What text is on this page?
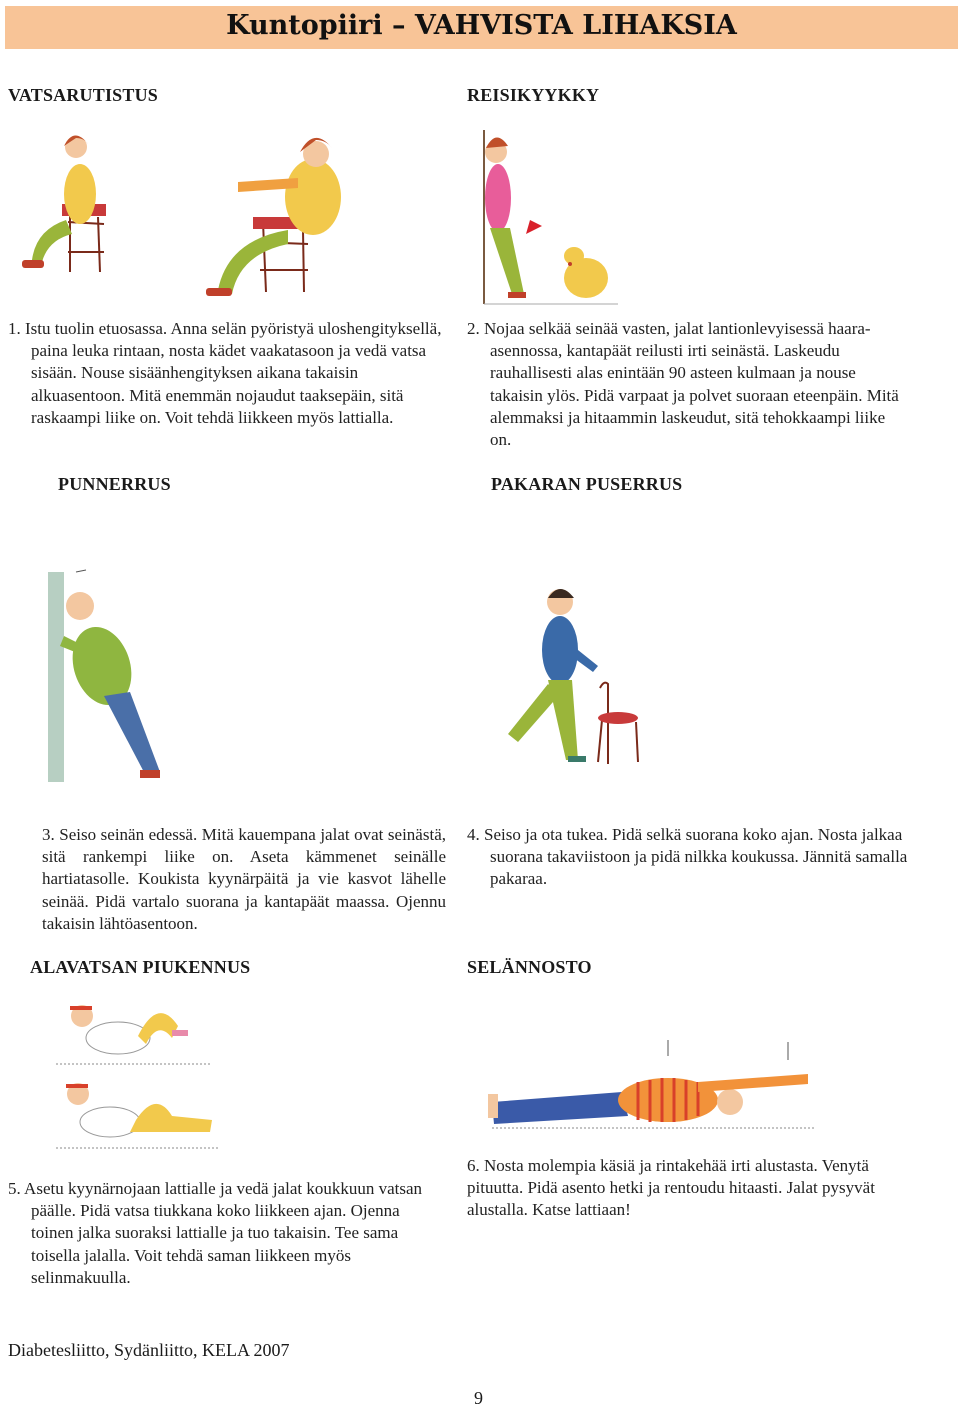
Kuntopiiri – VAHVISTA LIHAKSIA
VATSARUTISTUS	REISIKYYKKY
PUNNERRUS	PAKARAN PUSERRUS
ALAVATSAN PIUKENNUS	SELÄNNOSTO

1. Istu tuolin etuosassa. Anna selän pyöristyä uloshengityksellä, paina leuka rintaan, nosta kädet vaakatasoon ja vedä vatsa sisään. Nouse sisäänhengityksen aikana takaisin alkuasentoon. Mitä enemmän nojaudut taaksepäin, sitä raskaampi liike on. Voit tehdä liikkeen myös lattialla.

2. Nojaa selkää seinää vasten, jalat lantionlevyisessä haara-asennossa, kantapäät reilusti irti seinästä. Laskeudu rauhallisesti alas enintään 90 asteen kulmaan ja nouse takaisin ylös. Pidä varpaat ja polvet suoraan eteenpäin. Mitä alemmaksi ja hitaammin laskeudut, sitä tehokkaampi liike on.

3. Seiso seinän edessä. Mitä kauempana jalat ovat seinästä, sitä rankempi liike on. Aseta kämmenet seinälle hartiatasolle. Koukista kyynärpäitä ja vie kasvot lähelle seinää. Pidä vartalo suorana ja kantapäät maassa. Ojennu takaisin lähtöasentoon.

4. Seiso ja ota tukea. Pidä selkä suorana koko ajan. Nosta jalkaa suorana takaviistoon ja pidä nilkka koukussa. Jännitä samalla pakaraa.

5. Asetu kyynärnojaan lattialle ja vedä jalat koukkuun vatsan päälle. Pidä vatsa tiukkana koko liikkeen ajan. Ojenna toinen jalka suoraksi lattialle ja tuo takaisin. Tee sama toisella jalalla. Voit tehdä saman liikkeen myös selinmakuulla.

6. Nosta molempia käsiä ja rintakehää irti alustasta. Venytä pituutta. Pidä asento hetki ja rentoudu hitaasti. Jalat pysyvät alustalla. Katse lattiaan!

Diabetesliitto, Sydänliitto, KELA 2007
9
